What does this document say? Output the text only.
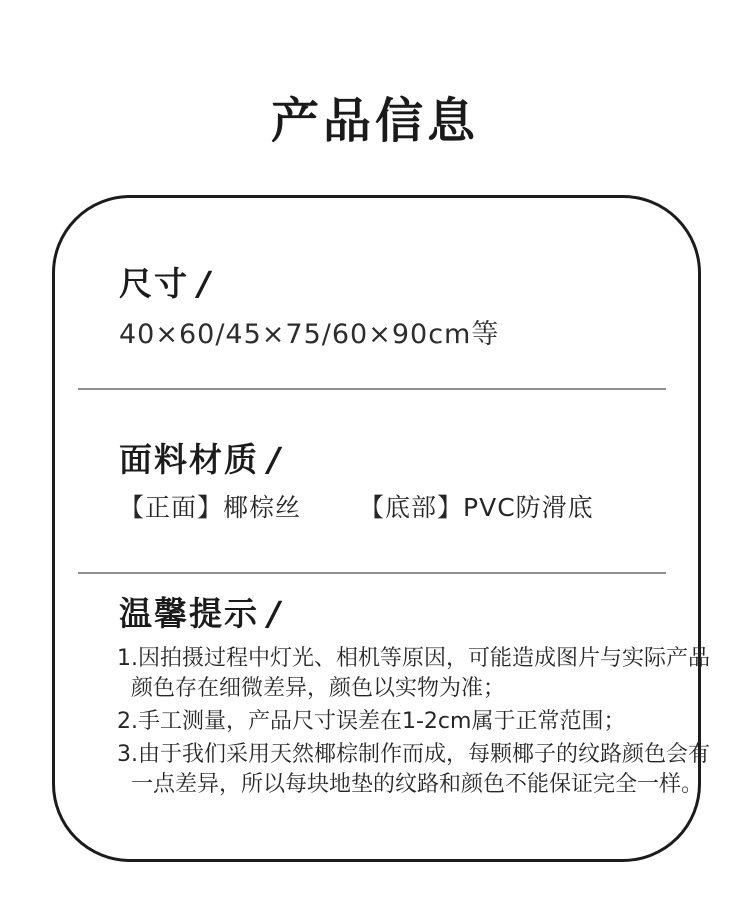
产品信息
尺寸 /
40×60/45×75/60×90cm等
面料材质 /
【正面】椰棕丝 【底部】PVC防滑底
温馨提示 /
1.因拍摄过程中灯光、相机等原因，可能造成图片与实际产品
颜色存在细微差异，颜色以实物为准；
2.手工测量，产品尺寸误差在1-2cm属于正常范围；
3.由于我们采用天然椰棕制作而成，每颗椰子的纹路颜色会有
一点差异，所以每块地垫的纹路和颜色不能保证完全一样。
